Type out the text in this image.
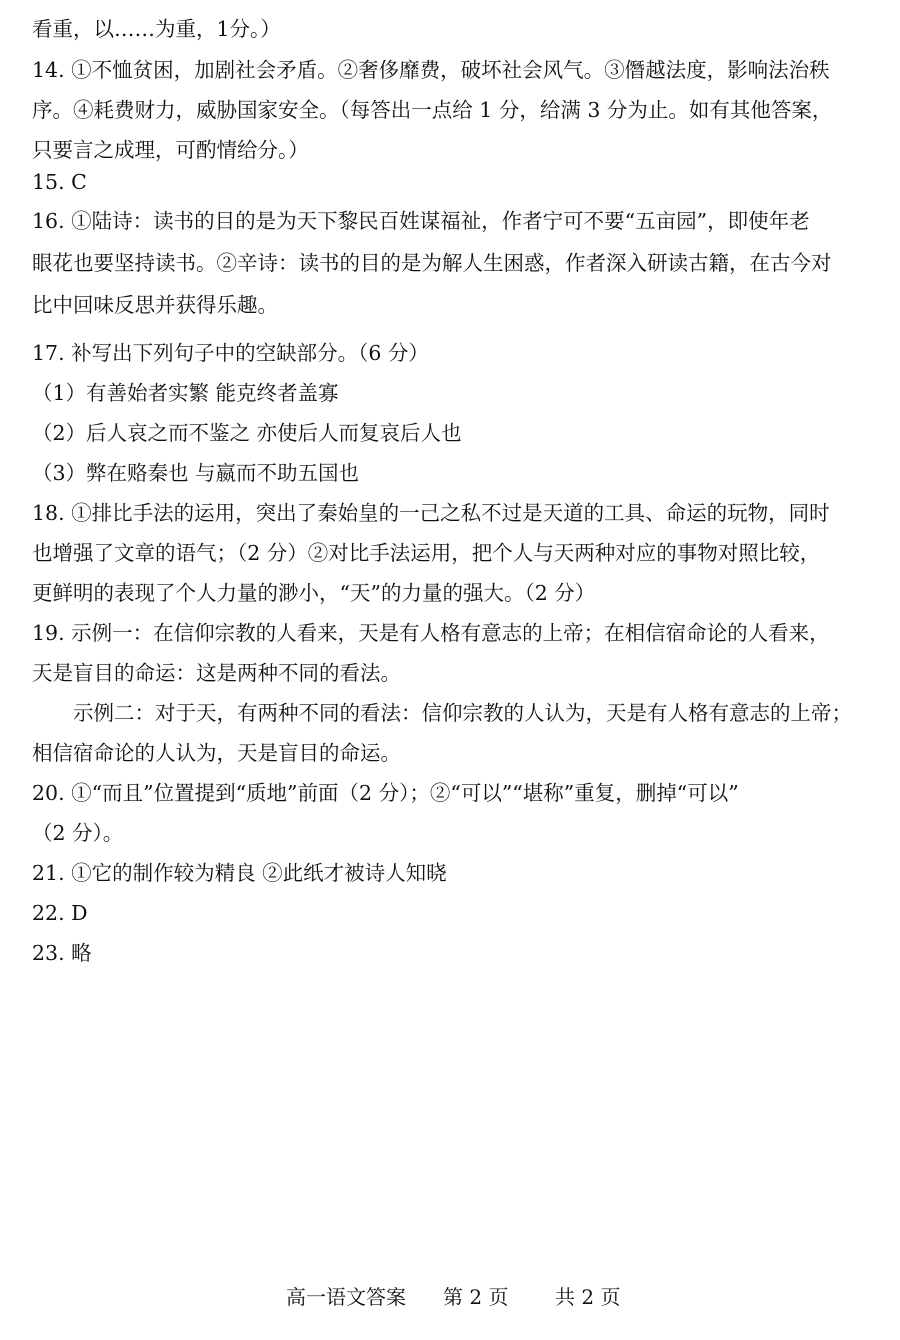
看重，以……为重，1分。）
14. ①不恤贫困，加剧社会矛盾。②奢侈靡费，破坏社会风气。③僭越法度，影响法治秩
序。④耗费财力，威胁国家安全。（每答出一点给 1 分，给满 3 分为止。如有其他答案，
只要言之成理，可酌情给分。）
15. C
16. ①陆诗：读书的目的是为天下黎民百姓谋福祉，作者宁可不要“五亩园”，即使年老
眼花也要坚持读书。②辛诗：读书的目的是为解人生困惑，作者深入研读古籍，在古今对
比中回味反思并获得乐趣。
17. 补写出下列句子中的空缺部分。（6 分）
（1）有善始者实繁 能克终者盖寡
（2）后人哀之而不鉴之 亦使后人而复哀后人也
（3）弊在赂秦也 与嬴而不助五国也
18. ①排比手法的运用，突出了秦始皇的一己之私不过是天道的工具、命运的玩物，同时
也增强了文章的语气；（2 分）②对比手法运用，把个人与天两种对应的事物对照比较，
更鲜明的表现了个人力量的渺小，“天”的力量的强大。（2 分）
19. 示例一：在信仰宗教的人看来，天是有人格有意志的上帝；在相信宿命论的人看来，
天是盲目的命运：这是两种不同的看法。
示例二：对于天，有两种不同的看法：信仰宗教的人认为，天是有人格有意志的上帝；
相信宿命论的人认为，天是盲目的命运。
20. ①“而且”位置提到“质地”前面（2 分）；②“可以”“堪称”重复，删掉“可以”
（2 分）。
21. ①它的制作较为精良 ②此纸才被诗人知晓
22. D
23. 略
高一语文答案 第 2 页 共 2 页
